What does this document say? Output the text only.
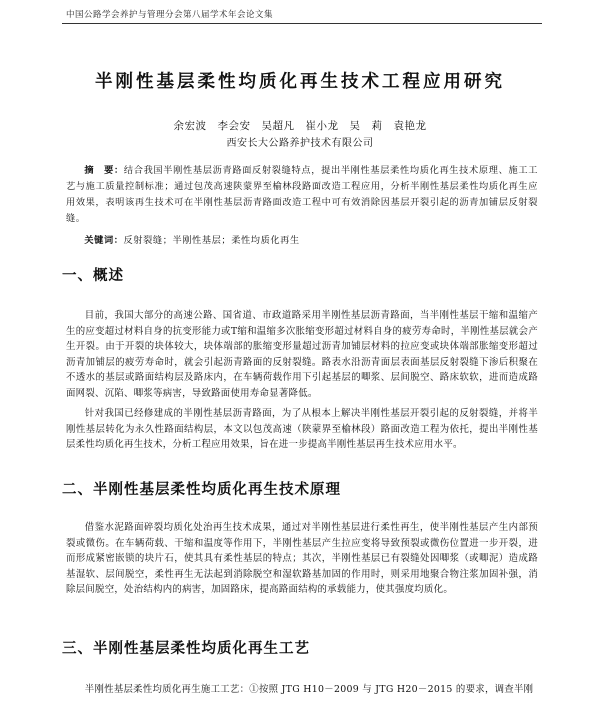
中国公路学会养护与管理分会第八届学术年会论文集
半刚性基层柔性均质化再生技术工程应用研究
余宏波　李会安　吴超凡　崔小龙　吴　莉　袁艳龙
西安长大公路养护技术有限公司
摘　要：结合我国半刚性基层沥青路面反射裂缝特点，提出半刚性基层柔性均质化再生技术原理、施工工艺与施工质量控制标准；通过包茂高速陕蒙界至榆林段路面改造工程应用，分析半刚性基层柔性均质化再生应用效果，表明该再生技术可在半刚性基层沥青路面改造工程中可有效消除因基层开裂引起的沥青加铺层反射裂缝。
关键词：反射裂缝；半刚性基层；柔性均质化再生
一、概述

目前，我国大部分的高速公路、国省道、市政道路采用半刚性基层沥青路面，当半刚性基层干缩和温缩产生的应变超过材料自身的抗变形能力或T缩和温缩多次胀缩变形超过材料自身的疲劳寿命时，半刚性基层就会产生开裂。由于开裂的块体较大，块体端部的胀缩变形量超过沥青加铺层材料的拉应变或块体端部胀缩变形超过沥青加铺层的疲劳寿命时，就会引起沥青路面的反射裂缝。路表水沿沥青面层表面基层反射裂缝下渗后积聚在不透水的基层或路面结构层及路床内，在车辆荷载作用下引起基层的唧浆、层间脱空、路床软软，进而造成路面网裂、沉陷、唧浆等病害，导致路面使用寿命显著降低。

针对我国已经修建成的半刚性基层沥青路面，为了从根本上解决半刚性基层开裂引起的反射裂缝，并将半刚性基层转化为永久性路面结构层，本文以包茂高速（陕蒙界至榆林段）路面改造工程为依托，提出半刚性基层柔性均质化再生技术，分析工程应用效果，旨在进一步提高半刚性基层再生技术应用水平。

二、半刚性基层柔性均质化再生技术原理

借鉴水泥路面碎裂均质化处治再生技术成果，通过对半刚性基层进行柔性再生，使半刚性基层产生内部预裂或微伤。在车辆荷载、干缩和温度等作用下，半刚性基层产生拉应变将导致预裂或微伤位置进一步开裂，进而形成紧密嵌锁的块片石，使其具有柔性基层的特点；其次，半刚性基层已有裂缝处因唧浆（或唧泥）造成路基湿软、层间脱空，柔性再生无法起到消除脱空和湿软路基加固的作用时，则采用地聚合物注浆加固补强，消除层间脱空，处治结构内的病害，加固路床，提高路面结构的承载能力，使其强度均质化。

三、半刚性基层柔性均质化再生工艺

半刚性基层柔性均质化再生施工工艺：①按照 JTG H10－2009 与 JTG H20－2015 的要求，调查半刚
